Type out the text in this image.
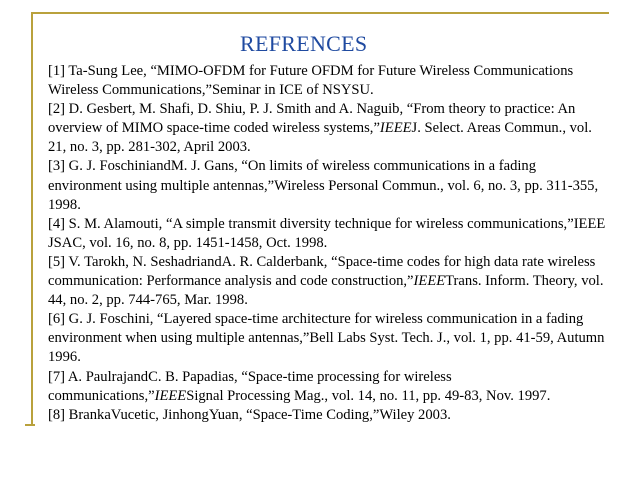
REFRENCES
[1] Ta-Sung Lee, “MIMO-OFDM for Future OFDM for Future Wireless Communications Wireless Communications,”Seminar in ICE of NSYSU.
[2] D. Gesbert, M. Shafi, D. Shiu, P. J. Smith and A. Naguib, “From theory to practice: An overview of MIMO space-time coded wireless systems,”IEEEJ. Select. Areas Commun., vol. 21, no. 3, pp. 281-302, April 2003.
[3] G. J. FoschiniandM. J. Gans, “On limits of wireless communications in a fading environment using multiple antennas,”Wireless Personal Commun., vol. 6, no. 3, pp. 311-355, 1998.
[4] S. M. Alamouti, “A simple transmit diversity technique for wireless communications,”IEEE JSAC, vol. 16, no. 8, pp. 1451-1458, Oct. 1998.
[5] V. Tarokh, N. SeshadriandA. R. Calderbank, “Space-time codes for high data rate wireless communication: Performance analysis and code construction,”IEEETrans. Inform. Theory, vol. 44, no. 2, pp. 744-765, Mar. 1998.
[6] G. J. Foschini, “Layered space-time architecture for wireless communication in a fading environment when using multiple antennas,”Bell Labs Syst. Tech. J., vol. 1, pp. 41-59, Autumn 1996.
[7] A. PaulrajandC. B. Papadias, “Space-time processing for wireless communications,”IEEESignal Processing Mag., vol. 14, no. 11, pp. 49-83, Nov. 1997.
[8] BrankaVucetic, JinhongYuan, “Space-Time Coding,”Wiley 2003.
